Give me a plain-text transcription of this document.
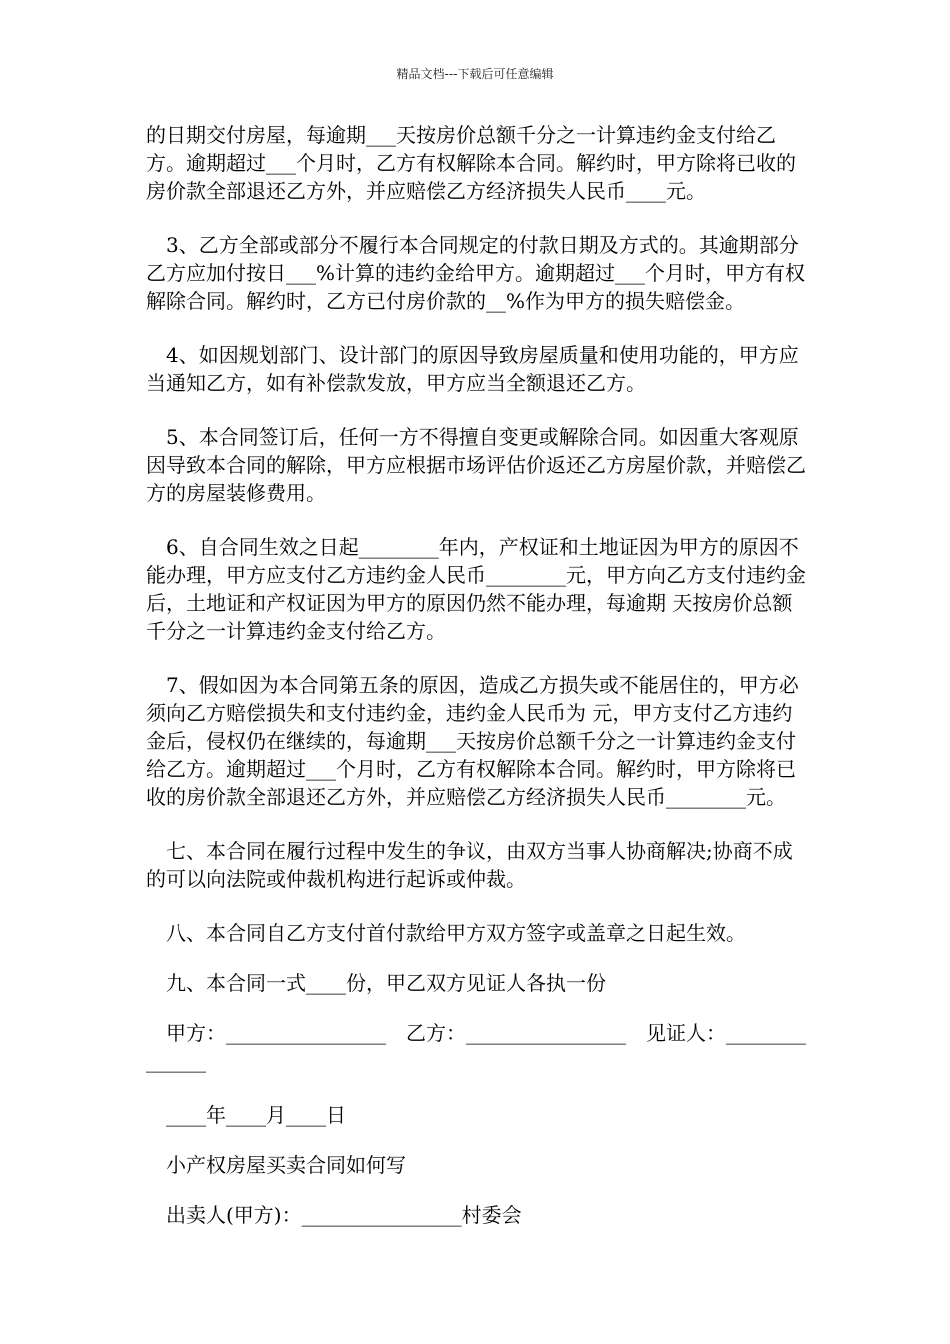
精品文档---下载后可任意编辑

的日期交付房屋，每逾期___天按房价总额千分之一计算违约金支付给乙方。逾期超过___个月时，乙方有权解除本合同。解约时，甲方除将已收的房价款全部退还乙方外，并应赔偿乙方经济损失人民币____元。

　3、乙方全部或部分不履行本合同规定的付款日期及方式的。其逾期部分乙方应加付按日___%计算的违约金给甲方。逾期超过___个月时，甲方有权解除合同。解约时，乙方已付房价款的__%作为甲方的损失赔偿金。

　4、如因规划部门、设计部门的原因导致房屋质量和使用功能的，甲方应当通知乙方，如有补偿款发放，甲方应当全额退还乙方。

　5、本合同签订后，任何一方不得擅自变更或解除合同。如因重大客观原因导致本合同的解除，甲方应根据市场评估价返还乙方房屋价款，并赔偿乙方的房屋装修费用。

　6、自合同生效之日起________年内，产权证和土地证因为甲方的原因不能办理，甲方应支付乙方违约金人民币________元，甲方向乙方支付违约金后，土地证和产权证因为甲方的原因仍然不能办理，每逾期 天按房价总额千分之一计算违约金支付给乙方。

　7、假如因为本合同第五条的原因，造成乙方损失或不能居住的，甲方必须向乙方赔偿损失和支付违约金，违约金人民币为 元，甲方支付乙方违约金后，侵权仍在继续的，每逾期___天按房价总额千分之一计算违约金支付给乙方。逾期超过___个月时，乙方有权解除本合同。解约时，甲方除将已收的房价款全部退还乙方外，并应赔偿乙方经济损失人民币________元。

　七、本合同在履行过程中发生的争议，由双方当事人协商解决;协商不成的可以向法院或仲裁机构进行起诉或仲裁。

　八、本合同自乙方支付首付款给甲方双方签字或盖章之日起生效。

　九、本合同一式____份，甲乙双方见证人各执一份

　甲方：________________　乙方：________________　见证人：______________

　____年____月____日

　小产权房屋买卖合同如何写

　出卖人(甲方)：________________村委会
